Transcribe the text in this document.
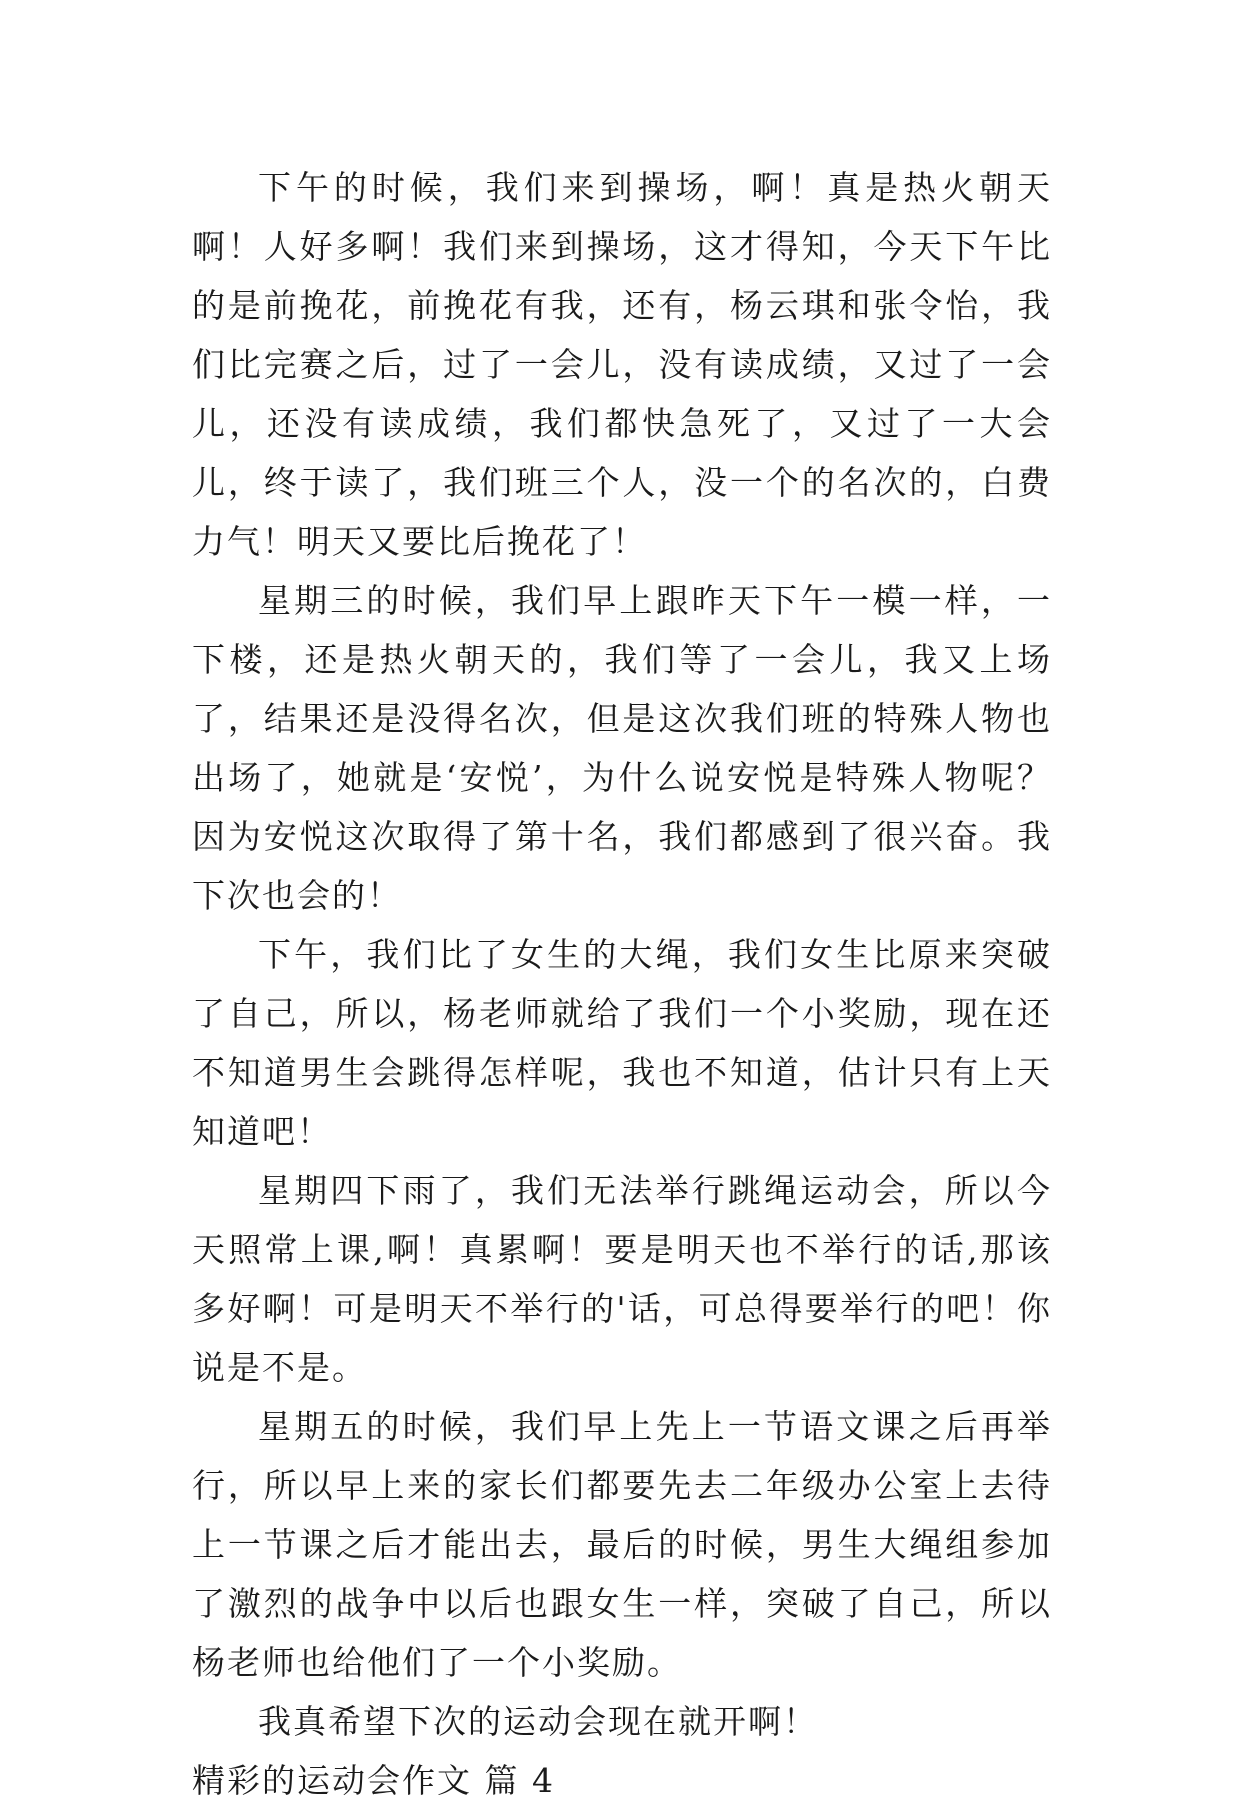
下午的时候，我们来到操场，啊！真是热火朝天啊！人好多啊！我们来到操场，这才得知，今天下午比的是前挽花，前挽花有我，还有，杨云琪和张令怡，我们比完赛之后，过了一会儿，没有读成绩，又过了一会儿，还没有读成绩，我们都快急死了，又过了一大会儿，终于读了，我们班三个人，没一个的名次的，白费力气！明天又要比后挽花了！

星期三的时候，我们早上跟昨天下午一模一样，一下楼，还是热火朝天的，我们等了一会儿，我又上场了，结果还是没得名次，但是这次我们班的特殊人物也出场了，她就是‘安悦’，为什么说安悦是特殊人物呢？因为安悦这次取得了第十名，我们都感到了很兴奋。我下次也会的！

下午，我们比了女生的大绳，我们女生比原来突破了自己，所以，杨老师就给了我们一个小奖励，现在还不知道男生会跳得怎样呢，我也不知道，估计只有上天知道吧！

星期四下雨了，我们无法举行跳绳运动会，所以今天照常上课,啊！真累啊！要是明天也不举行的话,那该多好啊！可是明天不举行的'话，可总得要举行的吧！你说是不是。

星期五的时候，我们早上先上一节语文课之后再举行，所以早上来的家长们都要先去二年级办公室上去待上一节课之后才能出去，最后的时候，男生大绳组参加了激烈的战争中以后也跟女生一样，突破了自己，所以杨老师也给他们了一个小奖励。

我真希望下次的运动会现在就开啊！

精彩的运动会作文 篇 4
